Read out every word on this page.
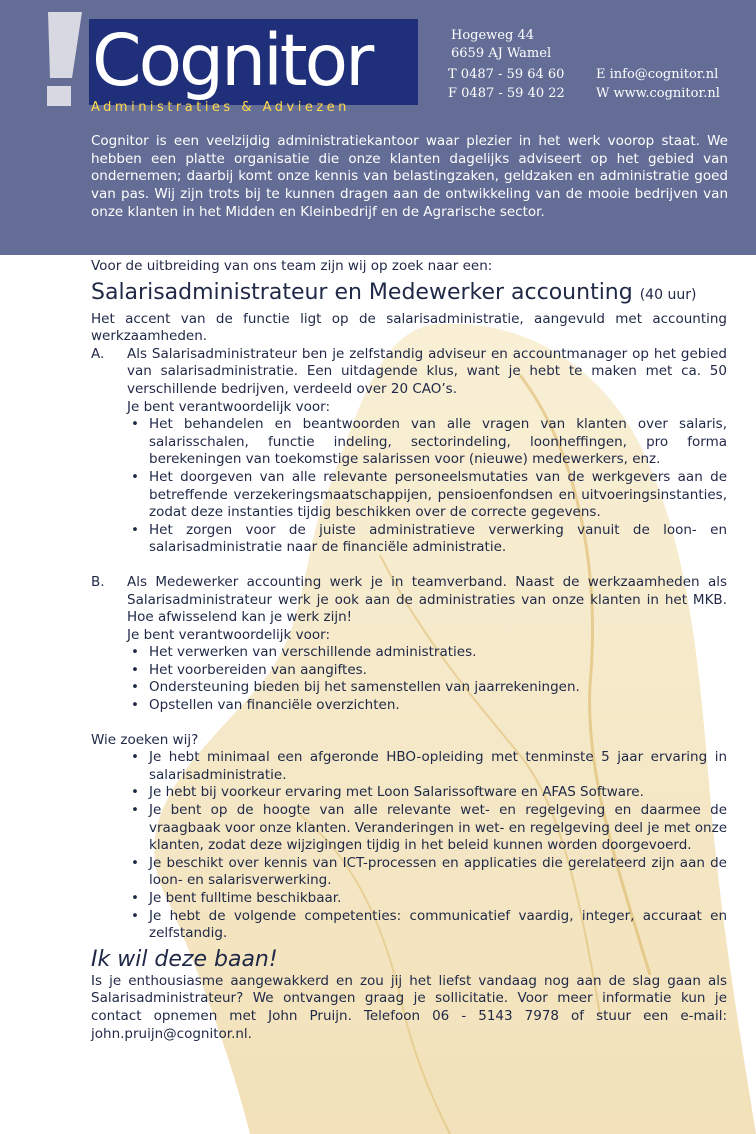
Cognitor
Administraties & Adviezen
Hogeweg 44
6659 AJ Wamel
T 0487 - 59 64 60
F 0487 - 59 40 22
E info@cognitor.nl
W www.cognitor.nl

Cognitor is een veelzijdig administratiekantoor waar plezier in het werk voorop staat. We hebben een platte organisatie die onze klanten dagelijks adviseert op het gebied van ondernemen; daarbij komt onze kennis van belastingzaken, geldzaken en administratie goed van pas. Wij zijn trots bij te kunnen dragen aan de ontwikkeling van de mooie bedrijven van onze klanten in het Midden en Kleinbedrijf en de Agrarische sector.

Voor de uitbreiding van ons team zijn wij op zoek naar een:

Salarisadministrateur en Medewerker accounting (40 uur)

Het accent van de functie ligt op de salarisadministratie, aangevuld met accounting werkzaamheden.

A. Als Salarisadministrateur ben je zelfstandig adviseur en accountmanager op het gebied van salarisadministratie. Een uitdagende klus, want je hebt te maken met ca. 50 verschillende bedrijven, verdeeld over 20 CAO’s.

Je bent verantwoordelijk voor:

• Het behandelen en beantwoorden van alle vragen van klanten over salaris, salarisschalen, functie indeling, sectorindeling, loonheffingen, pro forma berekeningen van toekomstige salarissen voor (nieuwe) medewerkers, enz.
• Het doorgeven van alle relevante personeelsmutaties van de werkgevers aan de betreffende verzekeringsmaatschappijen, pensioenfondsen en uitvoeringsinstanties, zodat deze instanties tijdig beschikken over de correcte gegevens.
• Het zorgen voor de juiste administratieve verwerking vanuit de loon- en salarisadministratie naar de financiële administratie.
B. Als Medewerker accounting werk je in teamverband. Naast de werkzaamheden als Salarisadministrateur werk je ook aan de administraties van onze klanten in het MKB. Hoe afwisselend kan je werk zijn!

Je bent verantwoordelijk voor:

• Het verwerken van verschillende administraties.
• Het voorbereiden van aangiftes.
• Ondersteuning bieden bij het samenstellen van jaarrekeningen.
• Opstellen van financiële overzichten.

Wie zoeken wij?

• Je hebt minimaal een afgeronde HBO-opleiding met tenminste 5 jaar ervaring in salarisadministratie.
• Je hebt bij voorkeur ervaring met Loon Salarissoftware en AFAS Software.
• Je bent op de hoogte van alle relevante wet- en regelgeving en daarmee de vraagbaak voor onze klanten. Veranderingen in wet- en regelgeving deel je met onze klanten, zodat deze wijzigingen tijdig in het beleid kunnen worden doorgevoerd.
• Je beschikt over kennis van ICT-processen en applicaties die gerelateerd zijn aan de loon- en salarisverwerking.
• Je bent fulltime beschikbaar.
• Je hebt de volgende competenties: communicatief vaardig, integer, accuraat en zelfstandig.
Ik wil deze baan!

Is je enthousiasme aangewakkerd en zou jij het liefst vandaag nog aan de slag gaan als Salarisadministrateur? We ontvangen graag je sollicitatie. Voor meer informatie kun je contact opnemen met John Pruijn. Telefoon 06 - 5143 7978 of stuur een e-mail: john.pruijn@cognitor.nl.
